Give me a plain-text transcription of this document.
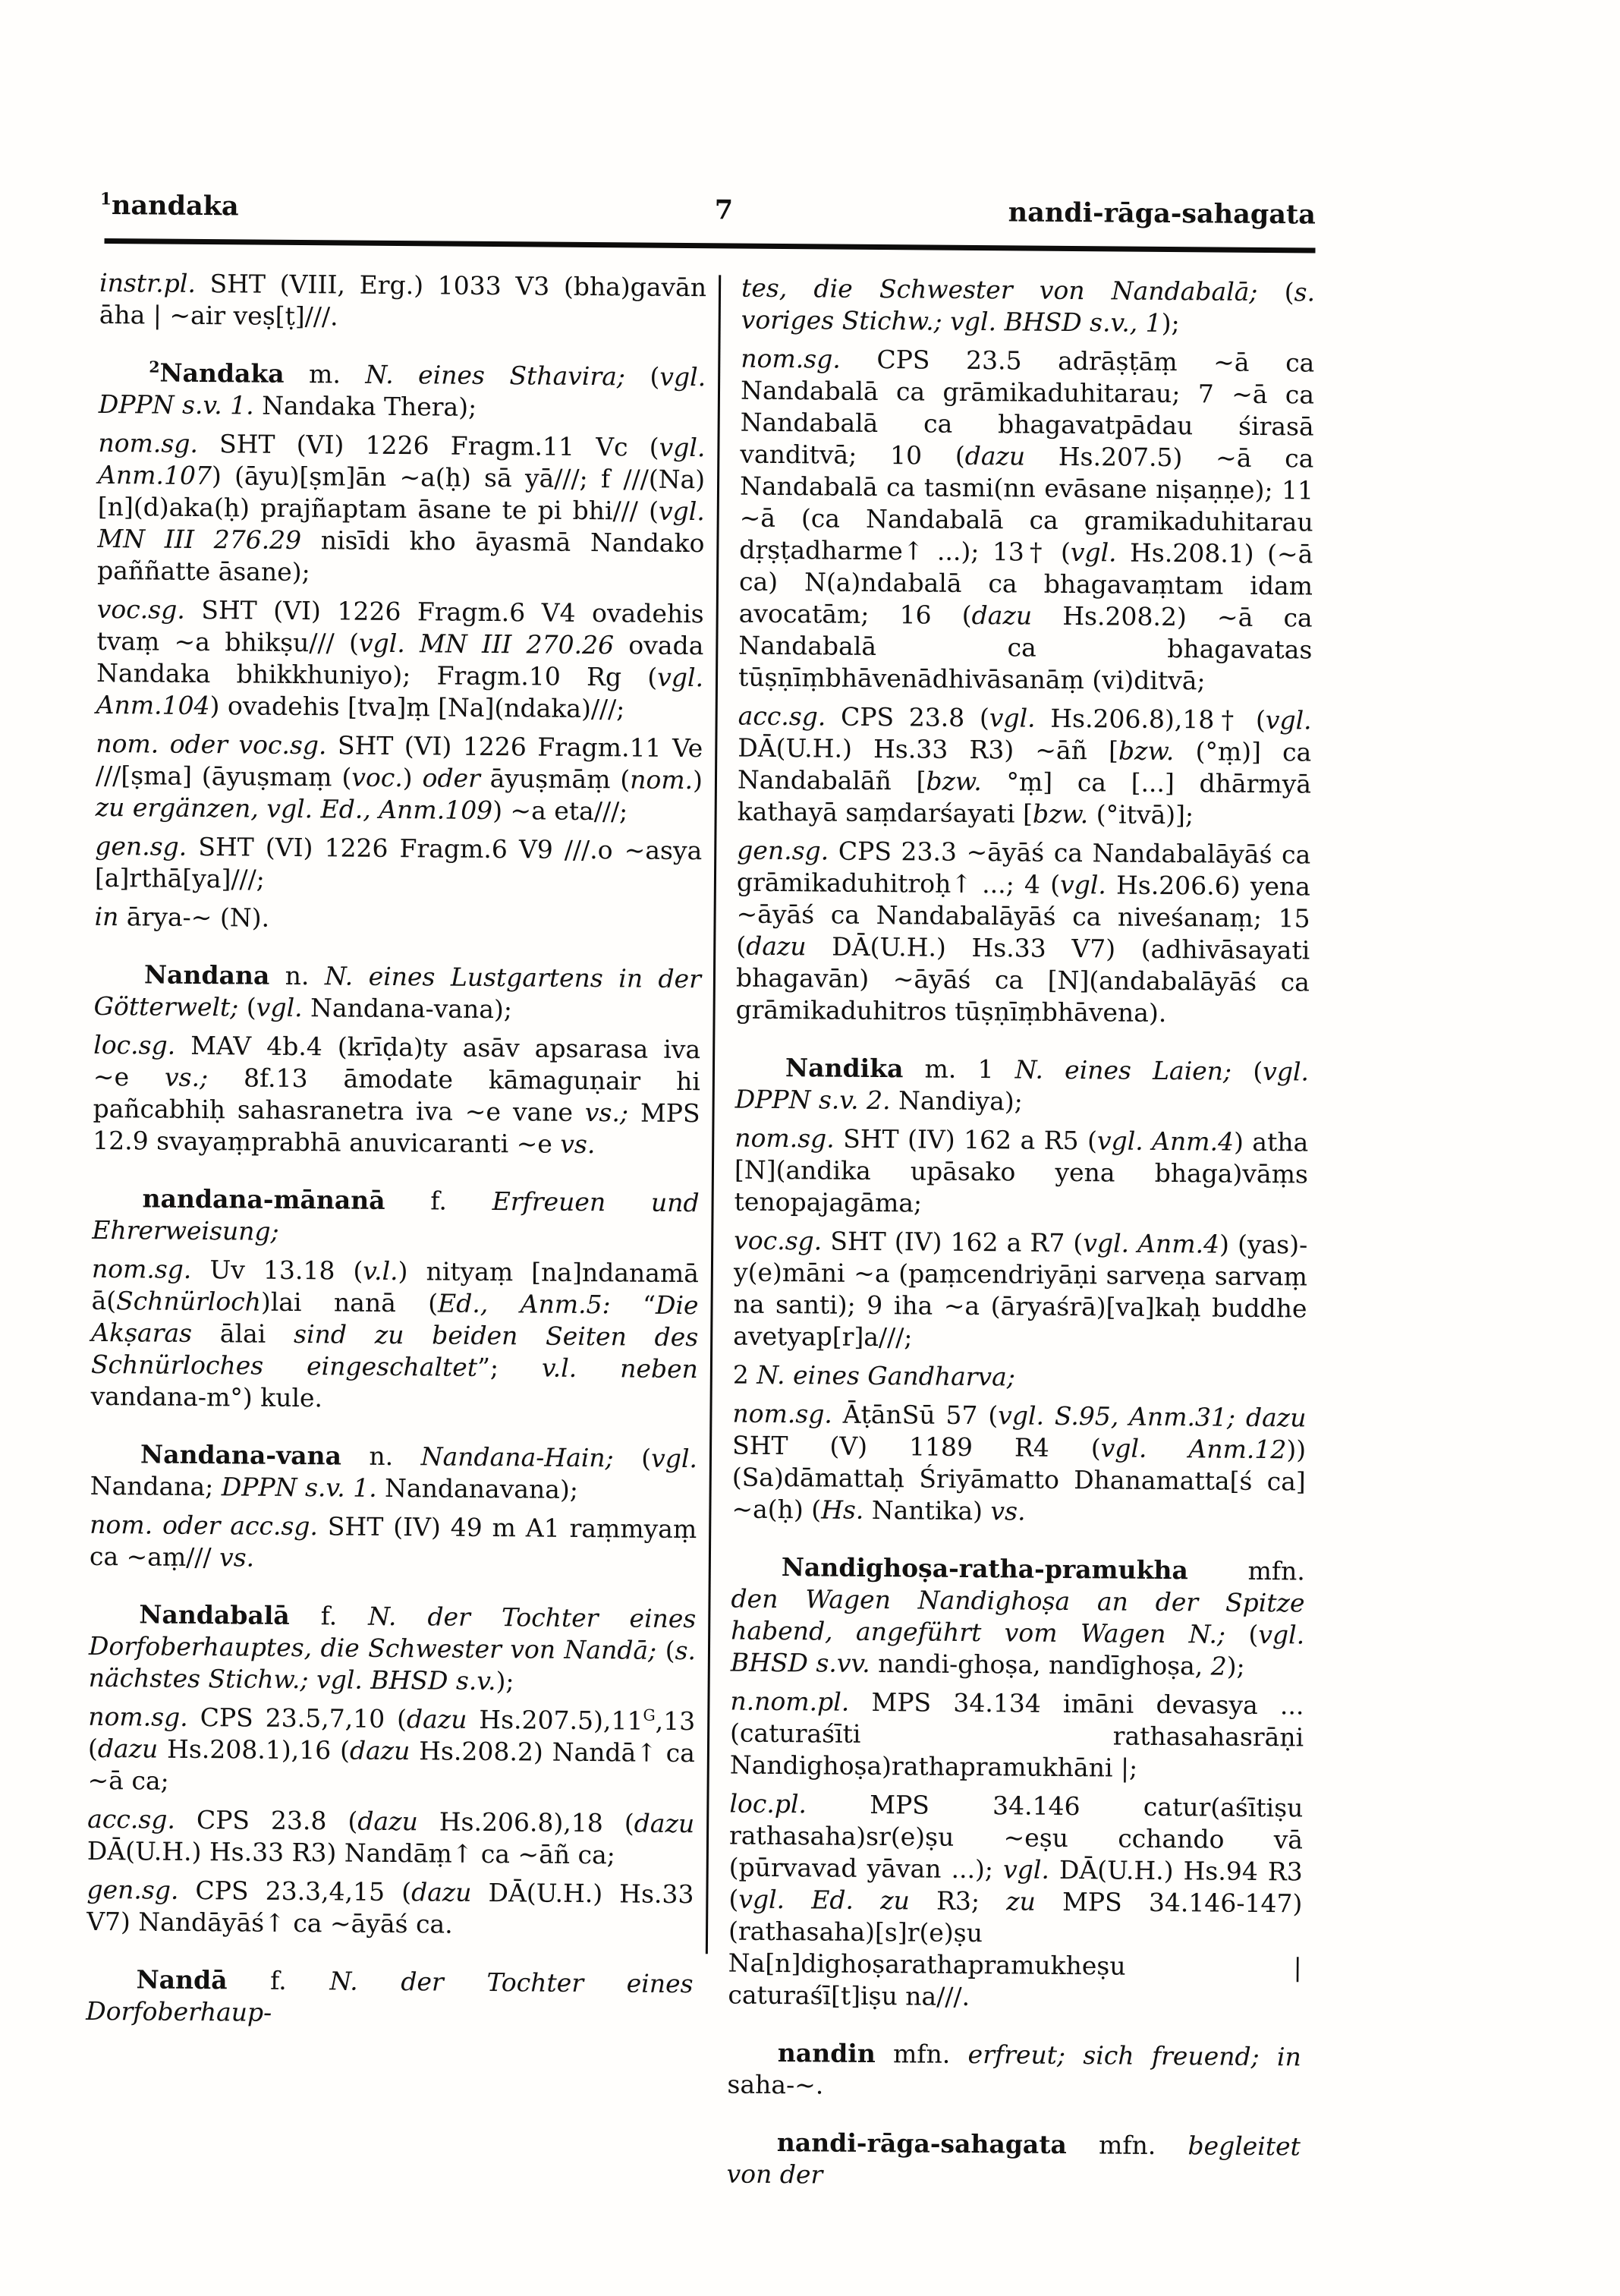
$^1$nandaka	7	nandi-rāga-sahagata

instr.pl. SHT (VIII, Erg.) 1033 V3 (bha)gavān āha | ~air veṣ[ṭ]///.

$^2$Nandaka m. N. eines Sthavira; (vgl. DPPN s.v. 1. Nandaka Thera);

nom.sg. SHT (VI) 1226 Fragm.11 Vc (vgl. Anm.107) (āyu)[ṣm]ān ~a(ḥ) sā yā///; f ///(Na)[n](d)aka(ḥ) prajñaptam āsane te pi bhi/// (vgl. MN III 276.29 nisīdi kho āyasmā Nandako paññatte āsane);

voc.sg. SHT (VI) 1226 Fragm.6 V4 ovadehis tvaṃ ~a bhikṣu/// (vgl. MN III 270.26 ovada Nandaka bhikkhuniyo); Fragm.10 Rg (vgl. Anm.104) ovadehis [tva]ṃ [Na](ndaka)///;

nom. oder voc.sg. SHT (VI) 1226 Fragm.11 Ve ///[ṣma] (āyuṣmaṃ (voc.) oder āyuṣmāṃ (nom.) zu ergänzen, vgl. Ed., Anm.109) ~a eta///;

gen.sg. SHT (VI) 1226 Fragm.6 V9 ///.o ~asya [a]rthā[ya]///;

in ārya-~ (N).

Nandana n. N. eines Lustgartens in der Götterwelt; (vgl. Nandana-vana);

loc.sg. MAV 4b.4 (krīḍa)ty asāv apsarasa iva ~e vs.; 8f.13 āmodate kāmaguṇair hi pañcabhiḥ sahasranetra iva ~e vane vs.; MPS 12.9 svayaṃprabhā anuvicaranti ~e vs.

nandana-mānanā f. Erfreuen und Ehrerweisung;

nom.sg. Uv 13.18 (v.l.) nityaṃ [na]ndanamā ā(Schnürloch)lai nanā (Ed., Anm.5: “Die Akṣaras ālai sind zu beiden Seiten des Schnürloches eingeschaltet”; v.l. neben vandana-m°) kule.

Nandana-vana n. Nandana-Hain; (vgl. Nandana; DPPN s.v. 1. Nandanavana);

nom. oder acc.sg. SHT (IV) 49 m A1 raṃmyaṃ ca ~aṃ/// vs.

Nandabalā f. N. der Tochter eines Dorfoberhauptes, die Schwester von Nandā; (s. nächstes Stichw.; vgl. BHSD s.v.);

nom.sg. CPS 23.5,7,10 (dazu $Hs.207.5),11^G,13$ (dazu Hs.208.1),16 (dazu Hs.208.2) Nandā↑ ca ~ā ca;

acc.sg. CPS 23.8 (dazu Hs.206.8),18 (dazu DĀ(U.H.) Hs.33 R3) Nandāṃ↑ ca ~āñ ca;

gen.sg. CPS 23.3,4,15 (dazu DĀ(U.H.) Hs.33 V7) Nandāyāś↑ ca ~āyāś ca.

Nandā f. N. der Tochter eines Dorfoberhaup-

tes, die Schwester von Nandabalā; (s. voriges Stichw.; vgl. BHSD s.v., 1);

nom.sg. CPS 23.5 adrāṣṭāṃ ~ā ca Nandabalā ca grāmikaduhitarau; 7 ~ā ca Nandabalā ca bhagavatpādau śirasā vanditvā; 10 (dazu Hs.207.5) ~ā ca Nandabalā ca tasmi(nn evāsane niṣaṇṇe); 11 ~ā (ca Nandabalā ca gramikaduhitarau dṛṣṭadharme↑ ...); 13† (vgl. Hs.208.1) (~ā ca) N(a)ndabalā ca bhagavaṃtam idam avocatām; 16 (dazu Hs.208.2) ~ā ca Nandabalā ca bhagavatas tūṣṇīṃbhāvenādhivāsanāṃ (vi)ditvā;

acc.sg. CPS 23.8 (vgl. Hs.206.8),18† (vgl. DĀ(U.H.) Hs.33 R3) ~āñ [bzw. (°ṃ)] ca Nandabalāñ [bzw. °ṃ] ca [...] dhārmyā kathayā saṃdarśayati [bzw. (°itvā)];

gen.sg. CPS 23.3 ~āyāś ca Nandabalāyāś ca grāmikaduhitroḥ↑ ...; 4 (vgl. Hs.206.6) yena ~āyāś ca Nandabalāyāś ca niveśanaṃ; 15 (dazu DĀ(U.H.) Hs.33 V7) (adhivāsayati bhagavān) ~āyāś ca [N](andabalāyāś ca grāmikaduhitros tūṣṇīṃbhāvena).

Nandika m. 1 N. eines Laien; (vgl. DPPN s.v. 2. Nandiya);

nom.sg. SHT (IV) 162 a R5 (vgl. Anm.4) atha [N](andika upāsako yena bhaga)vāṃs tenopajagāma;

voc.sg. SHT (IV) 162 a R7 (vgl. Anm.4) (yas)-y(e)māni ~a (paṃcendriyāṇi sarveṇa sarvaṃ na santi); 9 iha ~a (āryaśrā)[va]kaḥ buddhe avetyap[r]a///;

2 N. eines Gandharva;

nom.sg. ĀṭānSū 57 (vgl. S.95, Anm.31; dazu SHT (V) 1189 R4 (vgl. Anm.12)) (Sa)dāmattaḥ Śriyāmatto Dhanamatta[ś ca] ~a(ḥ) (Hs. Nantika) vs.

Nandighoṣa-ratha-pramukha mfn. den Wagen Nandighoṣa an der Spitze habend, angeführt vom Wagen N.; (vgl. BHSD s.vv. nandi-ghoṣa, nandīghoṣa, 2);

n.nom.pl. MPS 34.134 imāni devasya ... (caturaśīti rathasahasrāṇi Nandighoṣa)rathapramukhāni |;

loc.pl. MPS 34.146 catur(aśītiṣu rathasaha)sr(e)ṣu ~eṣu cchando vā (pūrvavad yāvan ...); vgl. DĀ(U.H.) Hs.94 R3 (vgl. Ed. zu R3; zu MPS 34.146-147) (rathasaha)[s]r(e)ṣu Na[n]dighoṣarathapramukheṣu | caturaśī[t]iṣu na///.

nandin mfn. erfreut; sich freuend; in saha-~.

nandi-rāga-sahagata mfn. begleitet von der
